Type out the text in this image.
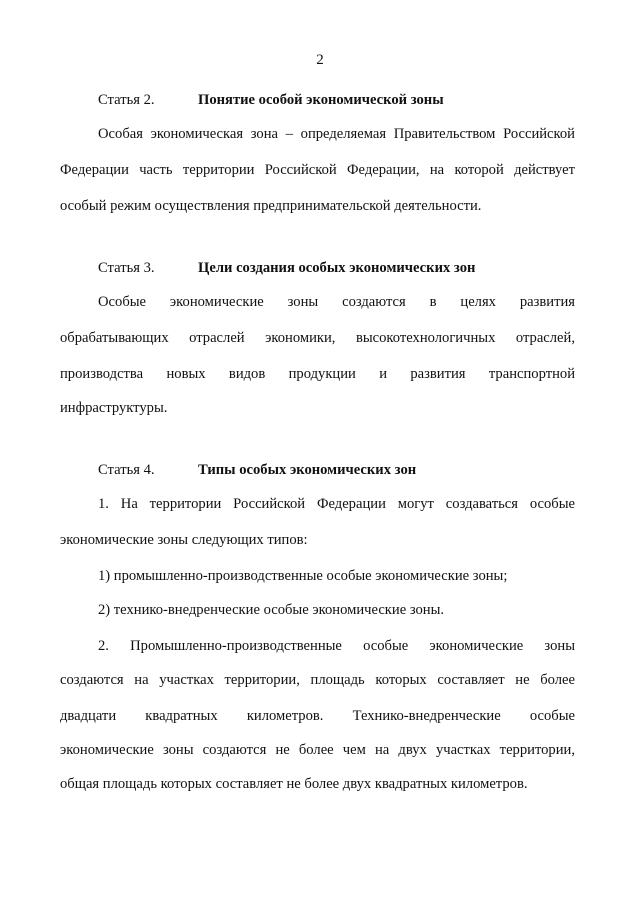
2
Статья 2.	Понятие особой экономической зоны
Особая экономическая зона – определяемая Правительством Российской
Федерации часть территории Российской Федерации, на которой действует
особый режим осуществления предпринимательской деятельности.
Статья 3.	Цели создания особых экономических зон
Особые экономические зоны создаются в целях развития
обрабатывающих отраслей экономики, высокотехнологичных отраслей,
производства новых видов продукции и развития транспортной
инфраструктуры.
Статья 4.	Типы особых экономических зон
1. На территории Российской Федерации могут создаваться особые
экономические зоны следующих типов:
1) промышленно-производственные особые экономические зоны;
2) технико-внедренческие особые экономические зоны.
2. Промышленно-производственные особые экономические зоны
создаются на участках территории, площадь которых составляет не более
двадцати квадратных километров. Технико-внедренческие особые
экономические зоны создаются не более чем на двух участках территории,
общая площадь которых составляет не более двух квадратных километров.
